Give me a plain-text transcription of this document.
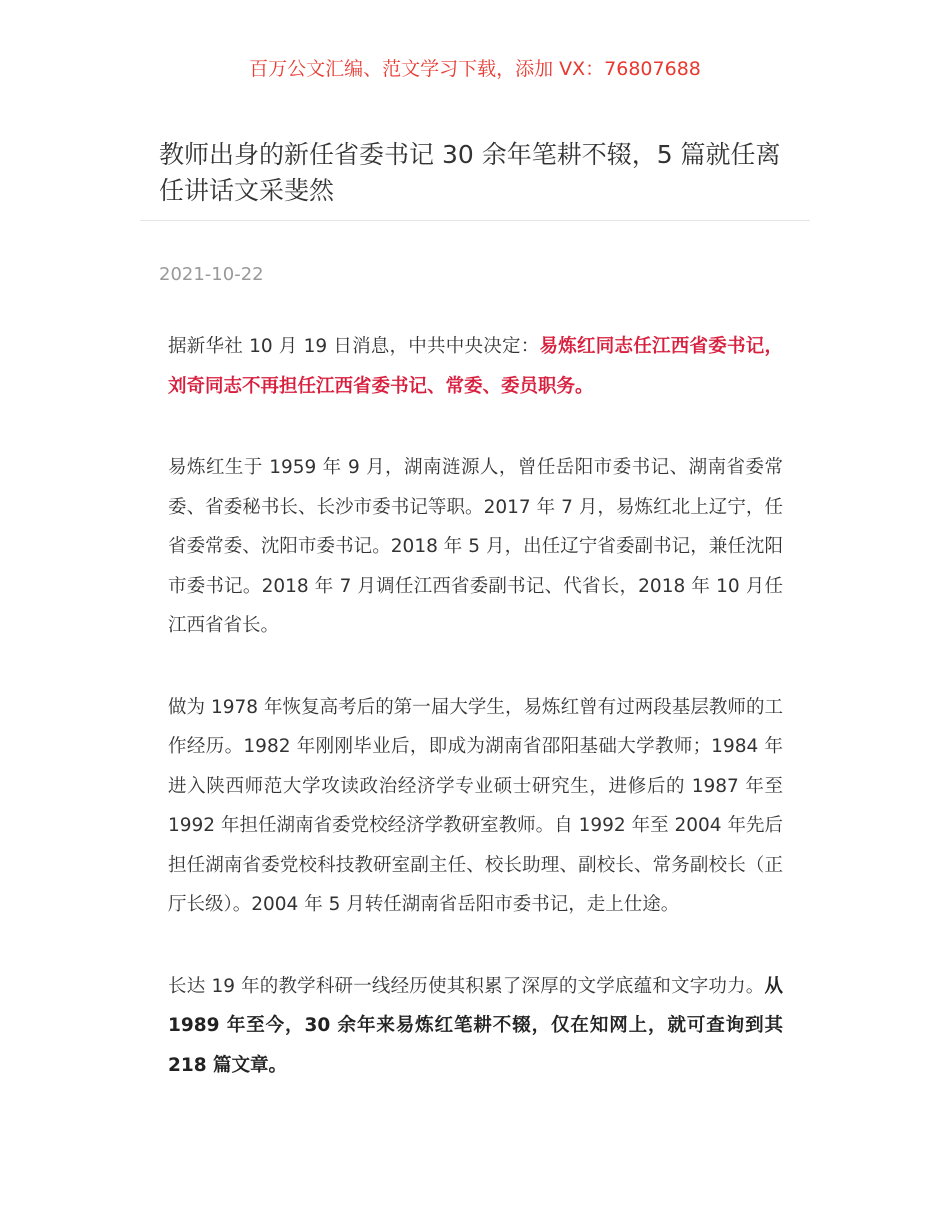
百万公文汇编、范文学习下载，添加 VX：76807688
教师出身的新任省委书记 30 余年笔耕不辍，5 篇就任离任讲话文采斐然
2021-10-22

据新华社 10 月 19 日消息，中共中央决定：易炼红同志任江西省委书记，刘奇同志不再担任江西省委书记、常委、委员职务。

易炼红生于 1959 年 9 月，湖南涟源人，曾任岳阳市委书记、湖南省委常委、省委秘书长、长沙市委书记等职。2017 年 7 月，易炼红北上辽宁，任省委常委、沈阳市委书记。2018 年 5 月，出任辽宁省委副书记，兼任沈阳市委书记。2018 年 7 月调任江西省委副书记、代省长，2018 年 10 月任江西省省长。

做为 1978 年恢复高考后的第一届大学生，易炼红曾有过两段基层教师的工作经历。1982 年刚刚毕业后，即成为湖南省邵阳基础大学教师；1984 年进入陕西师范大学攻读政治经济学专业硕士研究生，进修后的 1987 年至 1992 年担任湖南省委党校经济学教研室教师。自 1992 年至 2004 年先后担任湖南省委党校科技教研室副主任、校长助理、副校长、常务副校长（正厅长级）。2004 年 5 月转任湖南省岳阳市委书记，走上仕途。

长达 19 年的教学科研一线经历使其积累了深厚的文学底蕴和文字功力。从 1989 年至今，30 余年来易炼红笔耕不辍，仅在知网上，就可查询到其 218 篇文章。
